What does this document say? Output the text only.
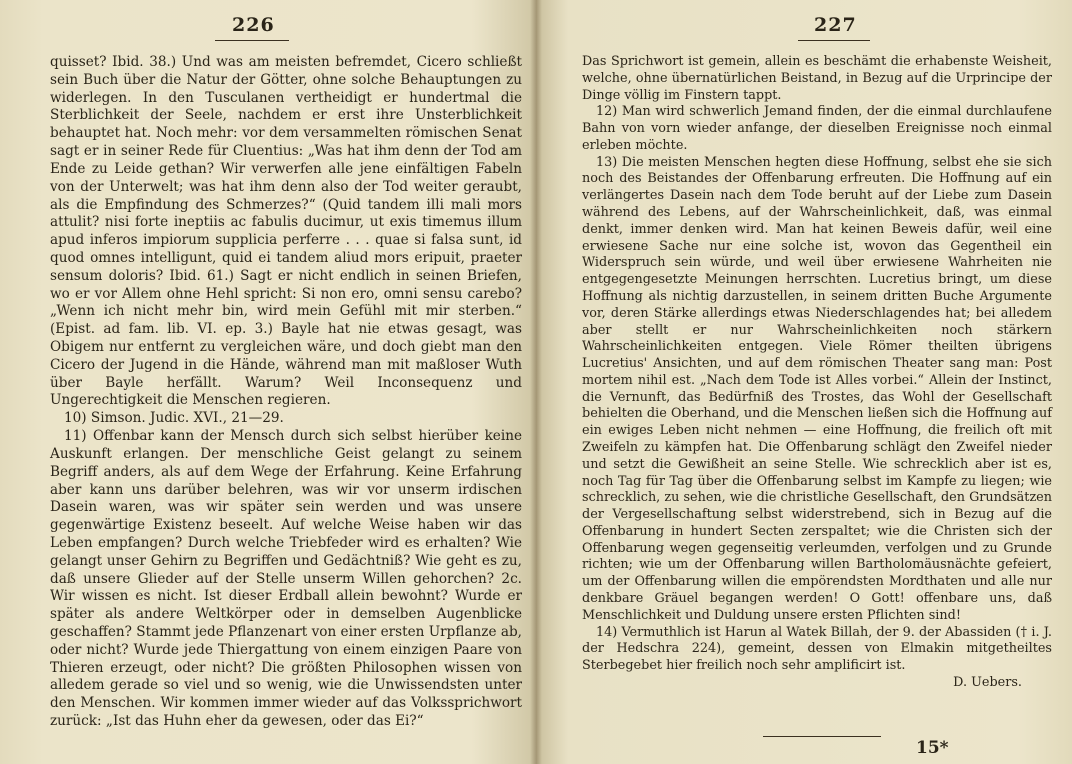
226

quisset? Ibid. 38.) Und was am meisten befremdet, Cicero schließt sein Buch über die Natur der Götter, ohne solche Behauptungen zu widerlegen. In den Tusculanen vertheidigt er hundertmal die Sterblichkeit der Seele, nachdem er erst ihre Unsterblichkeit behauptet hat. Noch mehr: vor dem versammelten römischen Senat sagt er in seiner Rede für Cluentius: „Was hat ihm denn der Tod am Ende zu Leide gethan? Wir verwerfen alle jene einfältigen Fabeln von der Unterwelt; was hat ihm denn also der Tod weiter geraubt, als die Empfindung des Schmerzes?“ (Quid tandem illi mali mors attulit? nisi forte ineptiis ac fabulis ducimur, ut exis timemus illum apud inferos impiorum supplicia perferre . . . quae si falsa sunt, id quod omnes intelligunt, quid ei tandem aliud mors eripuit, praeter sensum doloris? Ibid. 61.) Sagt er nicht endlich in seinen Briefen, wo er vor Allem ohne Hehl spricht: Si non ero, omni sensu carebo? „Wenn ich nicht mehr bin, wird mein Gefühl mit mir sterben.“ (Epist. ad fam. lib. VI. ep. 3.) Bayle hat nie etwas gesagt, was Obigem nur entfernt zu vergleichen wäre, und doch giebt man den Cicero der Jugend in die Hände, während man mit maßloser Wuth über Bayle herfällt. Warum? Weil Inconsequenz und Ungerechtigkeit die Menschen regieren.

10) Simson. Judic. XVI., 21—29.

11) Offenbar kann der Mensch durch sich selbst hierüber keine Auskunft erlangen. Der menschliche Geist gelangt zu seinem Begriff anders, als auf dem Wege der Erfahrung. Keine Erfahrung aber kann uns darüber belehren, was wir vor unserm irdischen Dasein waren, was wir später sein werden und was unsere gegenwärtige Existenz beseelt. Auf welche Weise haben wir das Leben empfangen? Durch welche Triebfeder wird es erhalten? Wie gelangt unser Gehirn zu Begriffen und Gedächtniß? Wie geht es zu, daß unsere Glieder auf der Stelle unserm Willen gehorchen? 2c. Wir wissen es nicht. Ist dieser Erdball allein bewohnt? Wurde er später als andere Weltkörper oder in demselben Augenblicke geschaffen? Stammt jede Pflanzenart von einer ersten Urpflanze ab, oder nicht? Wurde jede Thiergattung von einem einzigen Paare von Thieren erzeugt, oder nicht? Die größten Philosophen wissen von alledem gerade so viel und so wenig, wie die Unwissendsten unter den Menschen. Wir kommen immer wieder auf das Volkssprichwort zurück: „Ist das Huhn eher da gewesen, oder das Ei?“

227

Das Sprichwort ist gemein, allein es beschämt die erhabenste Weisheit, welche, ohne übernatürlichen Beistand, in Bezug auf die Urprincipe der Dinge völlig im Finstern tappt.

12) Man wird schwerlich Jemand finden, der die einmal durchlaufene Bahn von vorn wieder anfange, der dieselben Ereignisse noch einmal erleben möchte.

13) Die meisten Menschen hegten diese Hoffnung, selbst ehe sie sich noch des Beistandes der Offenbarung erfreuten. Die Hoffnung auf ein verlängertes Dasein nach dem Tode beruht auf der Liebe zum Dasein während des Lebens, auf der Wahrscheinlichkeit, daß, was einmal denkt, immer denken wird. Man hat keinen Beweis dafür, weil eine erwiesene Sache nur eine solche ist, wovon das Gegentheil ein Widerspruch sein würde, und weil über erwiesene Wahrheiten nie entgegengesetzte Meinungen herrschten. Lucretius bringt, um diese Hoffnung als nichtig darzustellen, in seinem dritten Buche Argumente vor, deren Stärke allerdings etwas Niederschlagendes hat; bei alledem aber stellt er nur Wahrscheinlichkeiten noch stärkern Wahrscheinlichkeiten entgegen. Viele Römer theilten übrigens Lucretius' Ansichten, und auf dem römischen Theater sang man: Post mortem nihil est. „Nach dem Tode ist Alles vorbei.“ Allein der Instinct, die Vernunft, das Bedürfniß des Trostes, das Wohl der Gesellschaft behielten die Oberhand, und die Menschen ließen sich die Hoffnung auf ein ewiges Leben nicht nehmen — eine Hoffnung, die freilich oft mit Zweifeln zu kämpfen hat. Die Offenbarung schlägt den Zweifel nieder und setzt die Gewißheit an seine Stelle. Wie schrecklich aber ist es, noch Tag für Tag über die Offenbarung selbst im Kampfe zu liegen; wie schrecklich, zu sehen, wie die christliche Gesellschaft, den Grundsätzen der Vergesellschaftung selbst widerstrebend, sich in Bezug auf die Offenbarung in hundert Secten zerspaltet; wie die Christen sich der Offenbarung wegen gegenseitig verleumden, verfolgen und zu Grunde richten; wie um der Offenbarung willen Bartholomäusnächte gefeiert, um der Offenbarung willen die empörendsten Mordthaten und alle nur denkbare Gräuel begangen werden! O Gott! offenbare uns, daß Menschlichkeit und Duldung unsere ersten Pflichten sind!

14) Vermuthlich ist Harun al Watek Billah, der 9. der Abassiden († i. J. der Hedschra 224), gemeint, dessen von Elmakin mitgetheiltes Sterbegebet hier freilich noch sehr amplificirt ist.

D. Uebers.

15*
